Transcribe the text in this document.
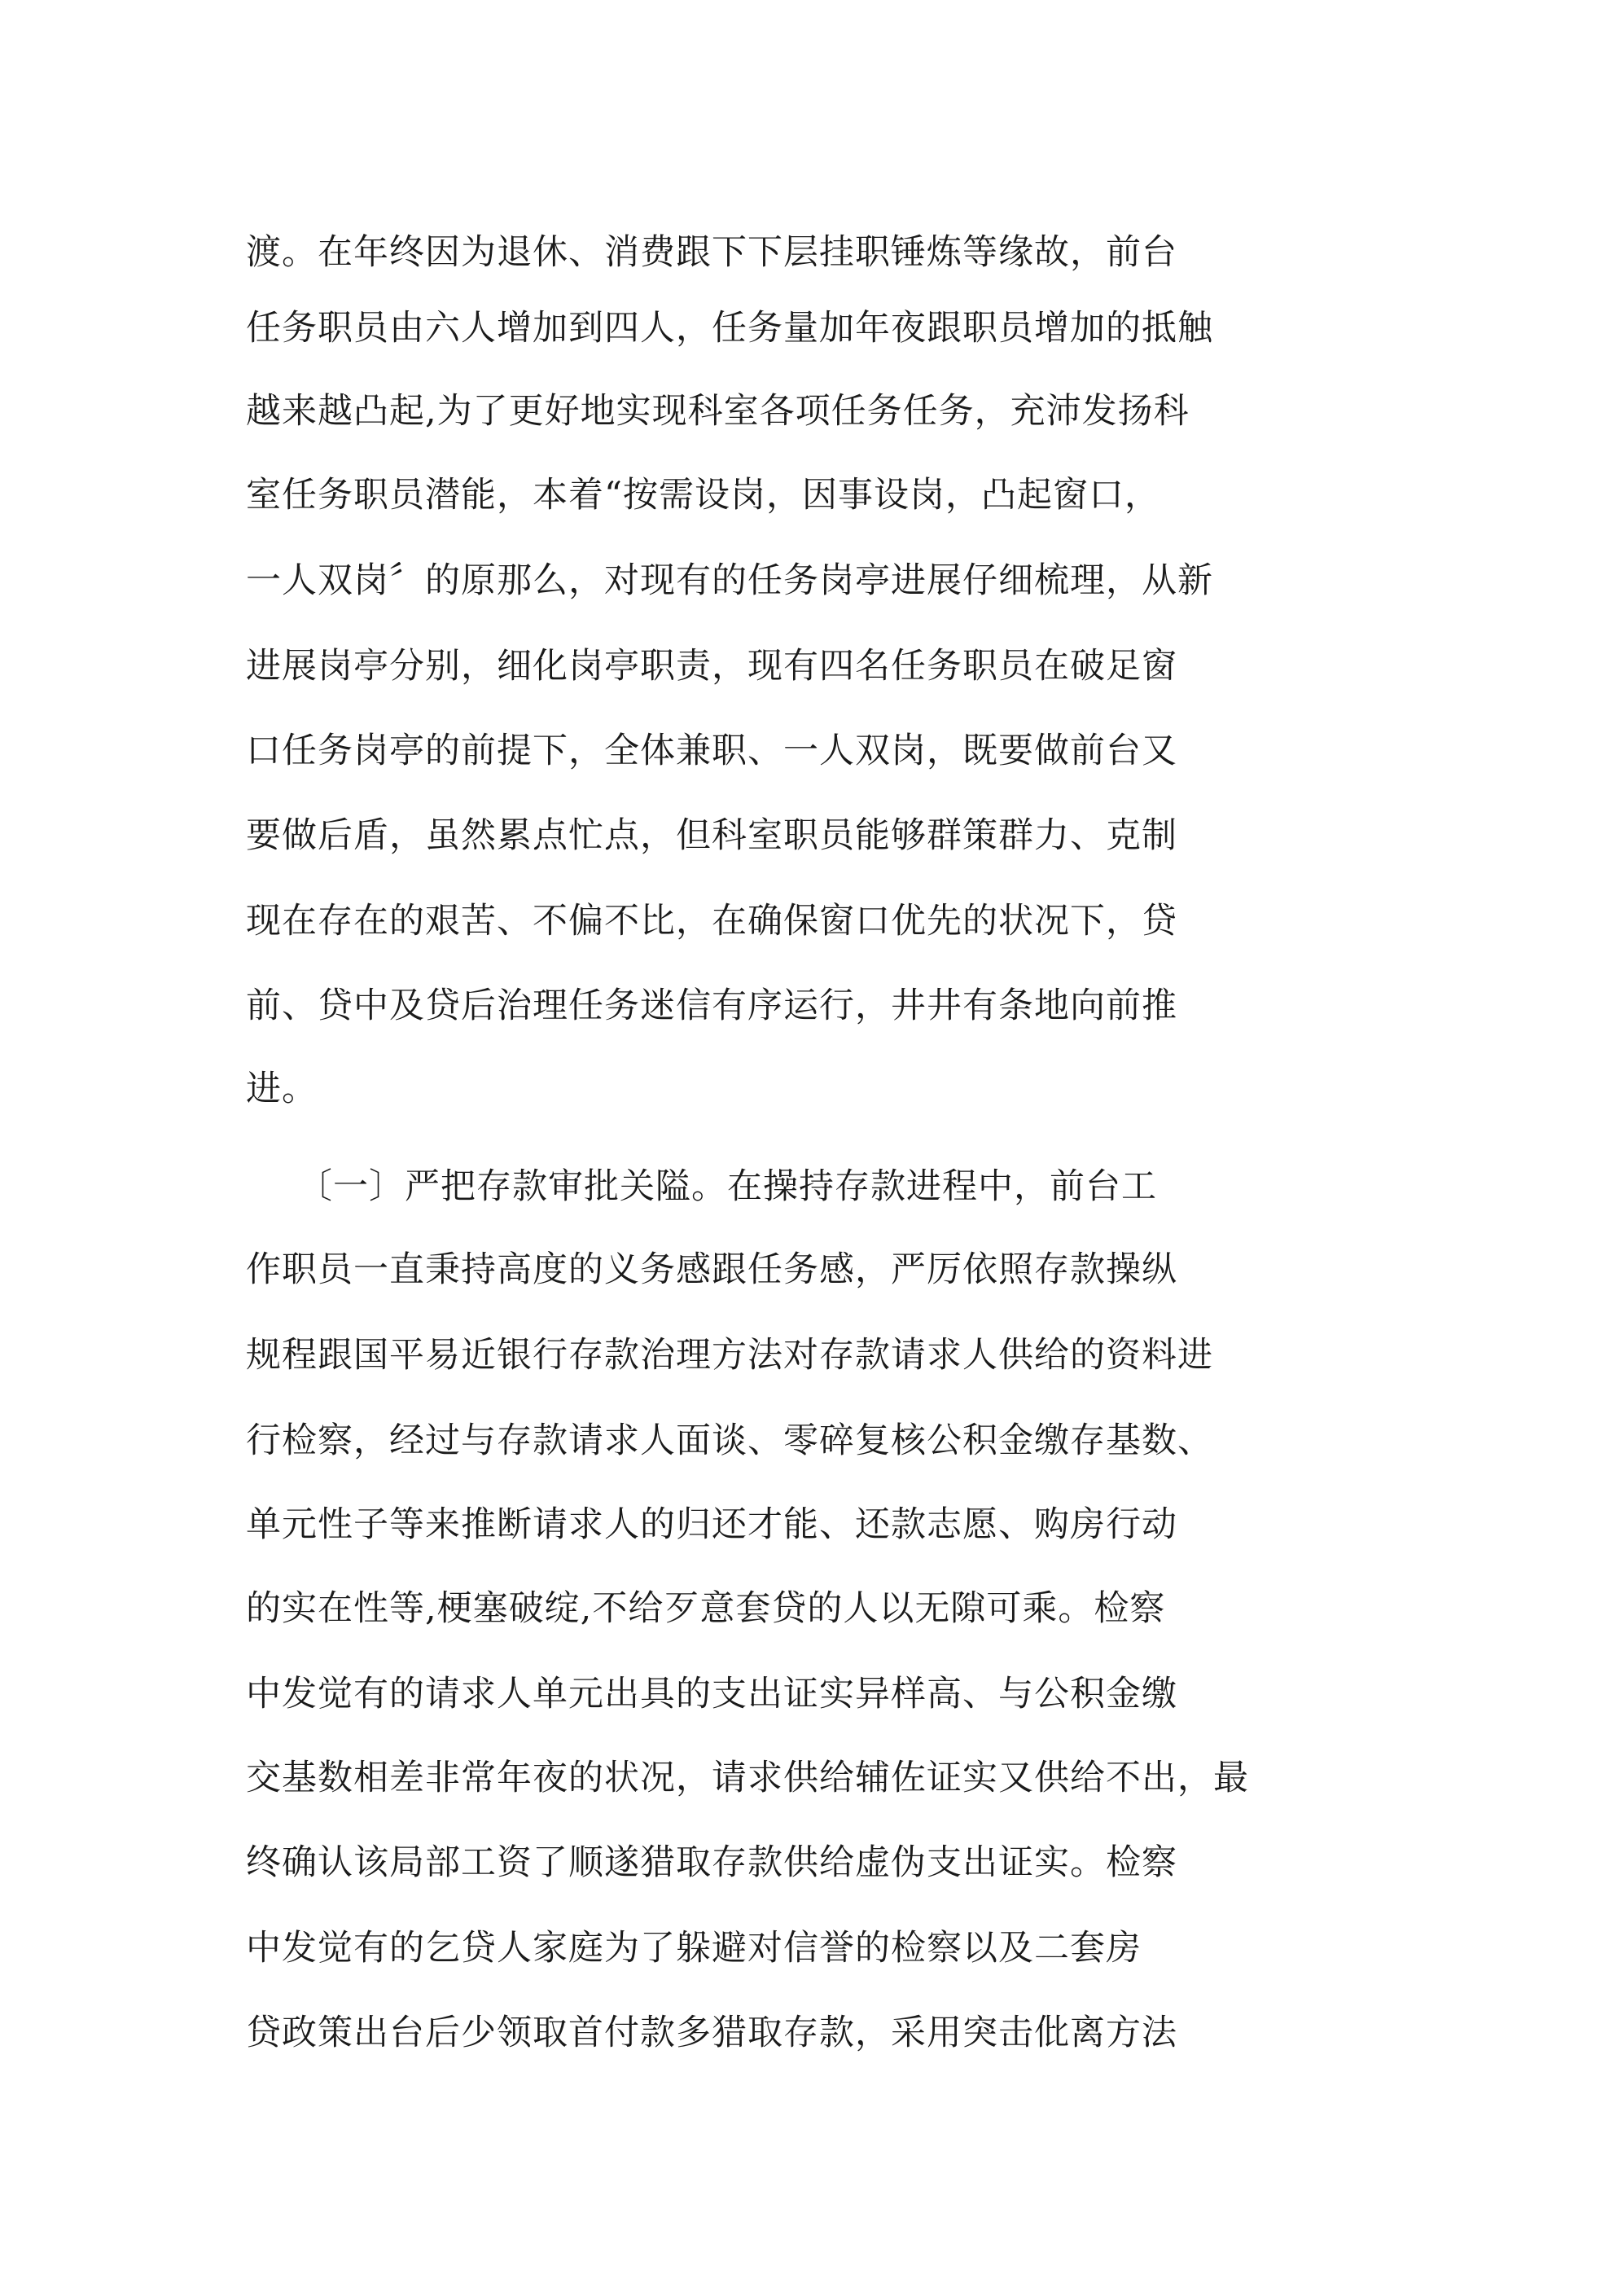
渡。在年终因为退休、消费跟下下层挂职锤炼等缘故，前台
任务职员由六人增加到四人，任务量加年夜跟职员增加的抵触
越来越凸起,为了更好地实现科室各项任务任务，充沛发扬科
室任务职员潜能，本着“按需设岗，因事设岗，凸起窗口，
一人双岗〞的原那么，对现有的任务岗亭进展仔细梳理，从新
进展岗亭分别，细化岗亭职责，现有四名任务职员在破足窗
口任务岗亭的前提下，全体兼职、一人双岗，既要做前台又
要做后盾，虽然累点忙点，但科室职员能够群策群力、克制
现在存在的艰苦、不偏不比，在确保窗口优先的状况下，贷
前、贷中及贷后治理任务迷信有序运行，井井有条地向前推
进。
〔一〕严把存款审批关隘。在操持存款进程中，前台工
作职员一直秉持高度的义务感跟任务感，严厉依照存款操纵
规程跟国平易近银行存款治理方法对存款请求人供给的资料进
行检察，经过与存款请求人面谈、零碎复核公积金缴存基数、
单元性子等来推断请求人的归还才能、还款志愿、购房行动
的实在性等,梗塞破绽,不给歹意套贷的人以无隙可乘。检察
中发觉有的请求人单元出具的支出证实异样高、与公积金缴
交基数相差非常年夜的状况，请求供给辅佐证实又供给不出，最
终确认该局部工资了顺遂猎取存款供给虚伪支出证实。检察
中发觉有的乞贷人家庭为了躲避对信誉的检察以及二套房
贷政策出台后少领取首付款多猎取存款，采用突击仳离方法
